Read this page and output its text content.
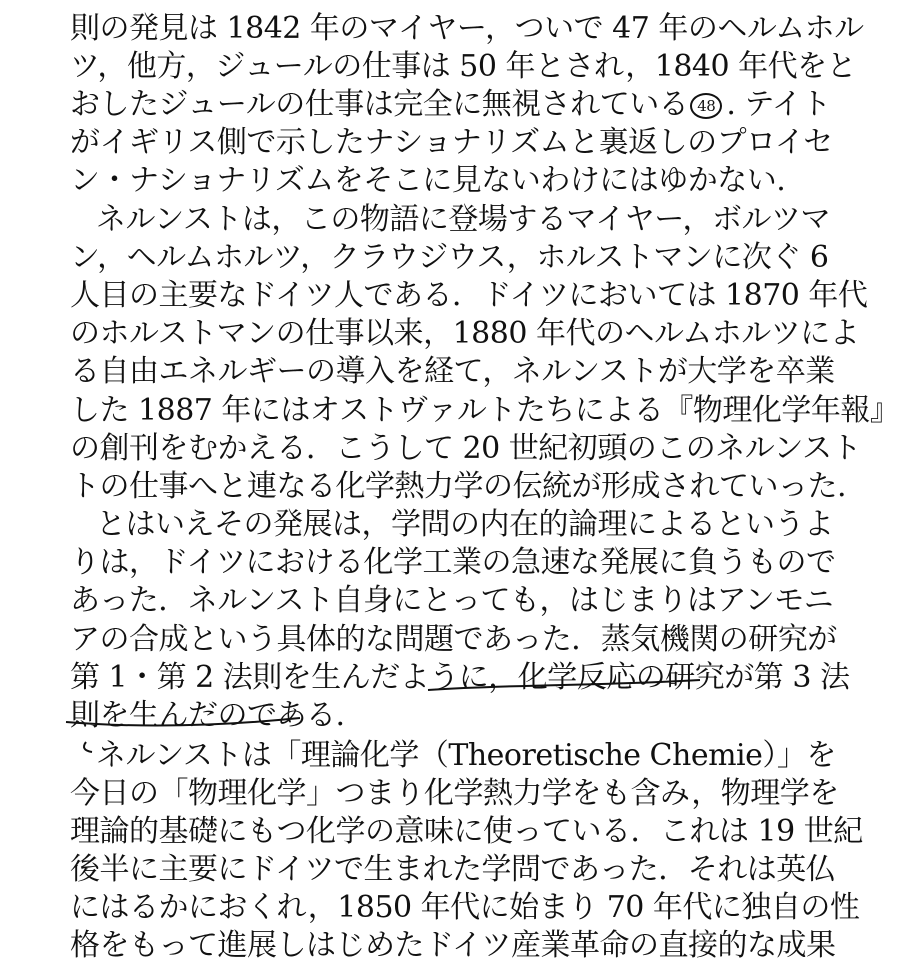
則の発見は 1842 年のマイヤー，ついで 47 年のヘルムホル
ツ，他方，ジュールの仕事は 50 年とされ，1840 年代をと
おしたジュールの仕事は完全に無視されている 48 . テイト
がイギリス側で示したナショナリズムと裏返しのプロイセ
ン・ナショナリズムをそこに見ないわけにはゆかない.
ネルンストは，この物語に登場するマイヤー，ボルツマ
ン，ヘルムホルツ，クラウジウス，ホルストマンに次ぐ 6
人目の主要なドイツ人である．ドイツにおいては 1870 年代
のホルストマンの仕事以来，1880 年代のヘルムホルツによ
る自由エネルギーの導入を経て，ネルンストが大学を卒業
した 1887 年にはオストヴァルトたちによる『物理化学年報』
の創刊をむかえる．こうして 20 世紀初頭のこのネルンスト
トの仕事へと連なる化学熱力学の伝統が形成されていった.
とはいえその発展は，学問の内在的論理によるというよ
りは，ドイツにおける化学工業の急速な発展に負うもので
あった．ネルンスト自身にとっても，はじまりはアンモニ
アの合成という具体的な問題であった．蒸気機関の研究が
第 1・第 2 法則を生んだように，化学反応の研究が第 3 法
則を生んだのである.
ネルンストは「理論化学（Theoretische Chemie）」を
今日の「物理化学」つまり化学熱力学をも含み，物理学を
理論的基礎にもつ化学の意味に使っている．これは 19 世紀
後半に主要にドイツで生まれた学問であった．それは英仏
にはるかにおくれ，1850 年代に始まり 70 年代に独自の性
格をもって進展しはじめたドイツ産業革命の直接的な成果
